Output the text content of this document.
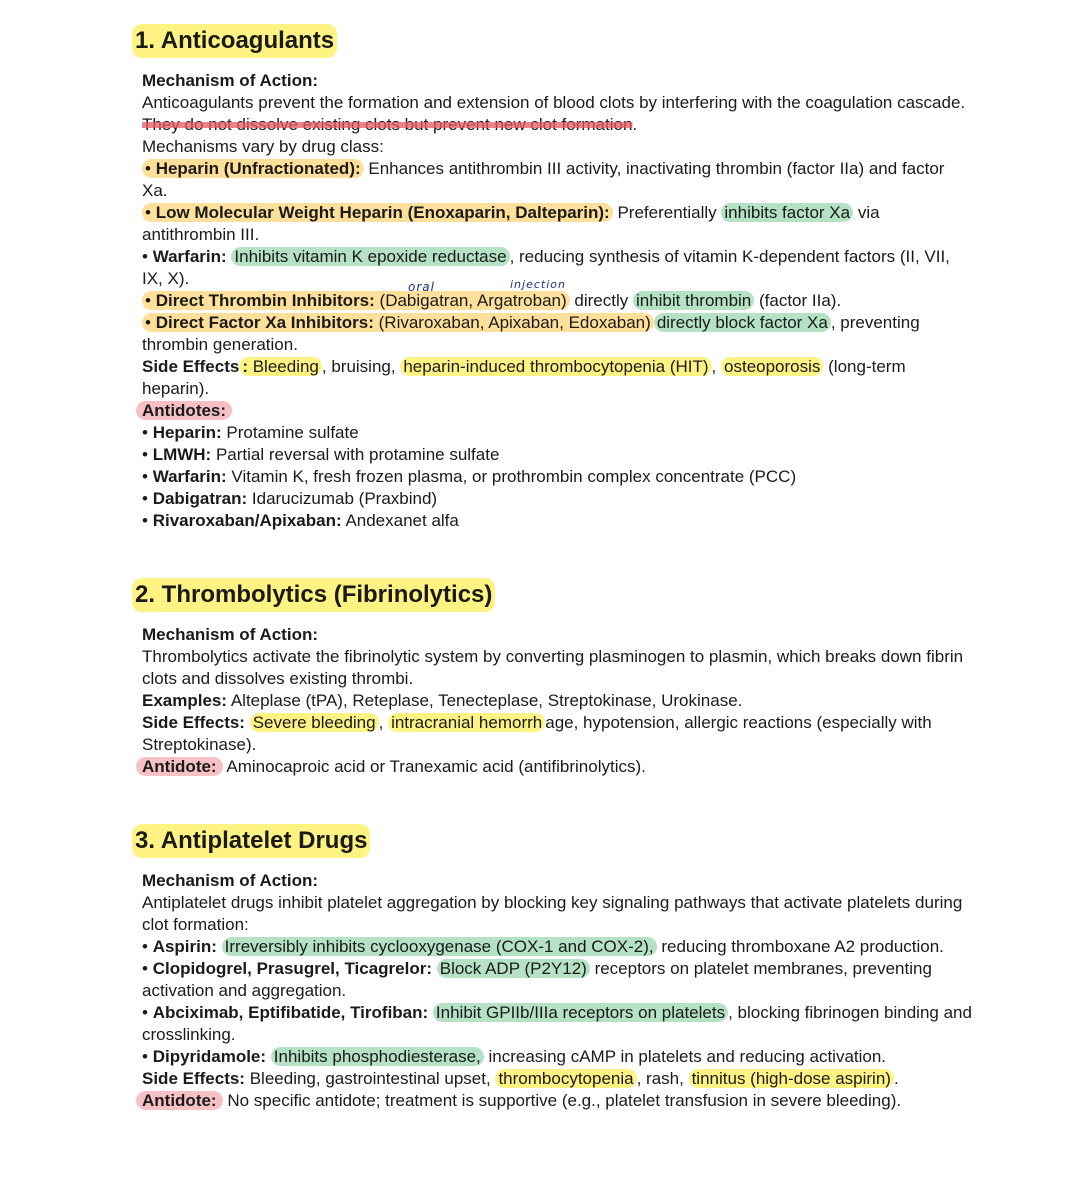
1. Anticoagulants

Mechanism of Action:

Anticoagulants prevent the formation and extension of blood clots by interfering with the coagulation cascade. They do not dissolve existing clots but prevent new clot formation.
Mechanisms vary by drug class:

• Heparin (Unfractionated): Enhances antithrombin III activity, inactivating thrombin (factor IIa) and factor Xa.

• Low Molecular Weight Heparin (Enoxaparin, Dalteparin): Preferentially inhibits factor Xa via antithrombin III.

• Warfarin: Inhibits vitamin K epoxide reductase , reducing synthesis of vitamin K-dependent factors (II, VII, IX, X).	oral	injection

• Direct Thrombin Inhibitors: (Dabigatran, Argatroban) directly inhibit thrombin (factor IIa).

• Direct Factor Xa Inhibitors: (Rivaroxaban, Apixaban, Edoxaban) directly block factor Xa , preventing thrombin generation.

Side Effects : Bleeding , bruising, heparin-induced thrombocytopenia (HIT) , osteoporosis (long-term heparin).

Antidotes:

• Heparin: Protamine sulfate

• LMWH: Partial reversal with protamine sulfate

• Warfarin: Vitamin K, fresh frozen plasma, or prothrombin complex concentrate (PCC)

• Dabigatran: Idarucizumab (Praxbind)

• Rivaroxaban/Apixaban: Andexanet alfa

2. Thrombolytics (Fibrinolytics)

Mechanism of Action:

Thrombolytics activate the fibrinolytic system by converting plasminogen to plasmin, which breaks down fibrin clots and dissolves existing thrombi.

Examples: Alteplase (tPA), Reteplase, Tenecteplase, Streptokinase, Urokinase.

Side Effects: Severe bleeding , intracranial hemorrh age, hypotension, allergic reactions (especially with Streptokinase).

Antidote: Aminocaproic acid or Tranexamic acid (antifibrinolytics).

3. Antiplatelet Drugs

Mechanism of Action:

Antiplatelet drugs inhibit platelet aggregation by blocking key signaling pathways that activate platelets during clot formation:

• Aspirin: Irreversibly inhibits cyclooxygenase (COX-1 and COX-2), reducing thromboxane A2 production.

• Clopidogrel, Prasugrel, Ticagrelor: Block ADP (P2Y12) receptors on platelet membranes, preventing activation and aggregation.

• Abciximab, Eptifibatide, Tirofiban: Inhibit GPIIb/IIIa receptors on platelets , blocking fibrinogen binding and crosslinking.

• Dipyridamole: Inhibits phosphodiesterase, increasing cAMP in platelets and reducing activation.

Side Effects: Bleeding, gastrointestinal upset, thrombocytopenia , rash, tinnitus (high-dose aspirin) .

Antidote: No specific antidote; treatment is supportive (e.g., platelet transfusion in severe bleeding).
